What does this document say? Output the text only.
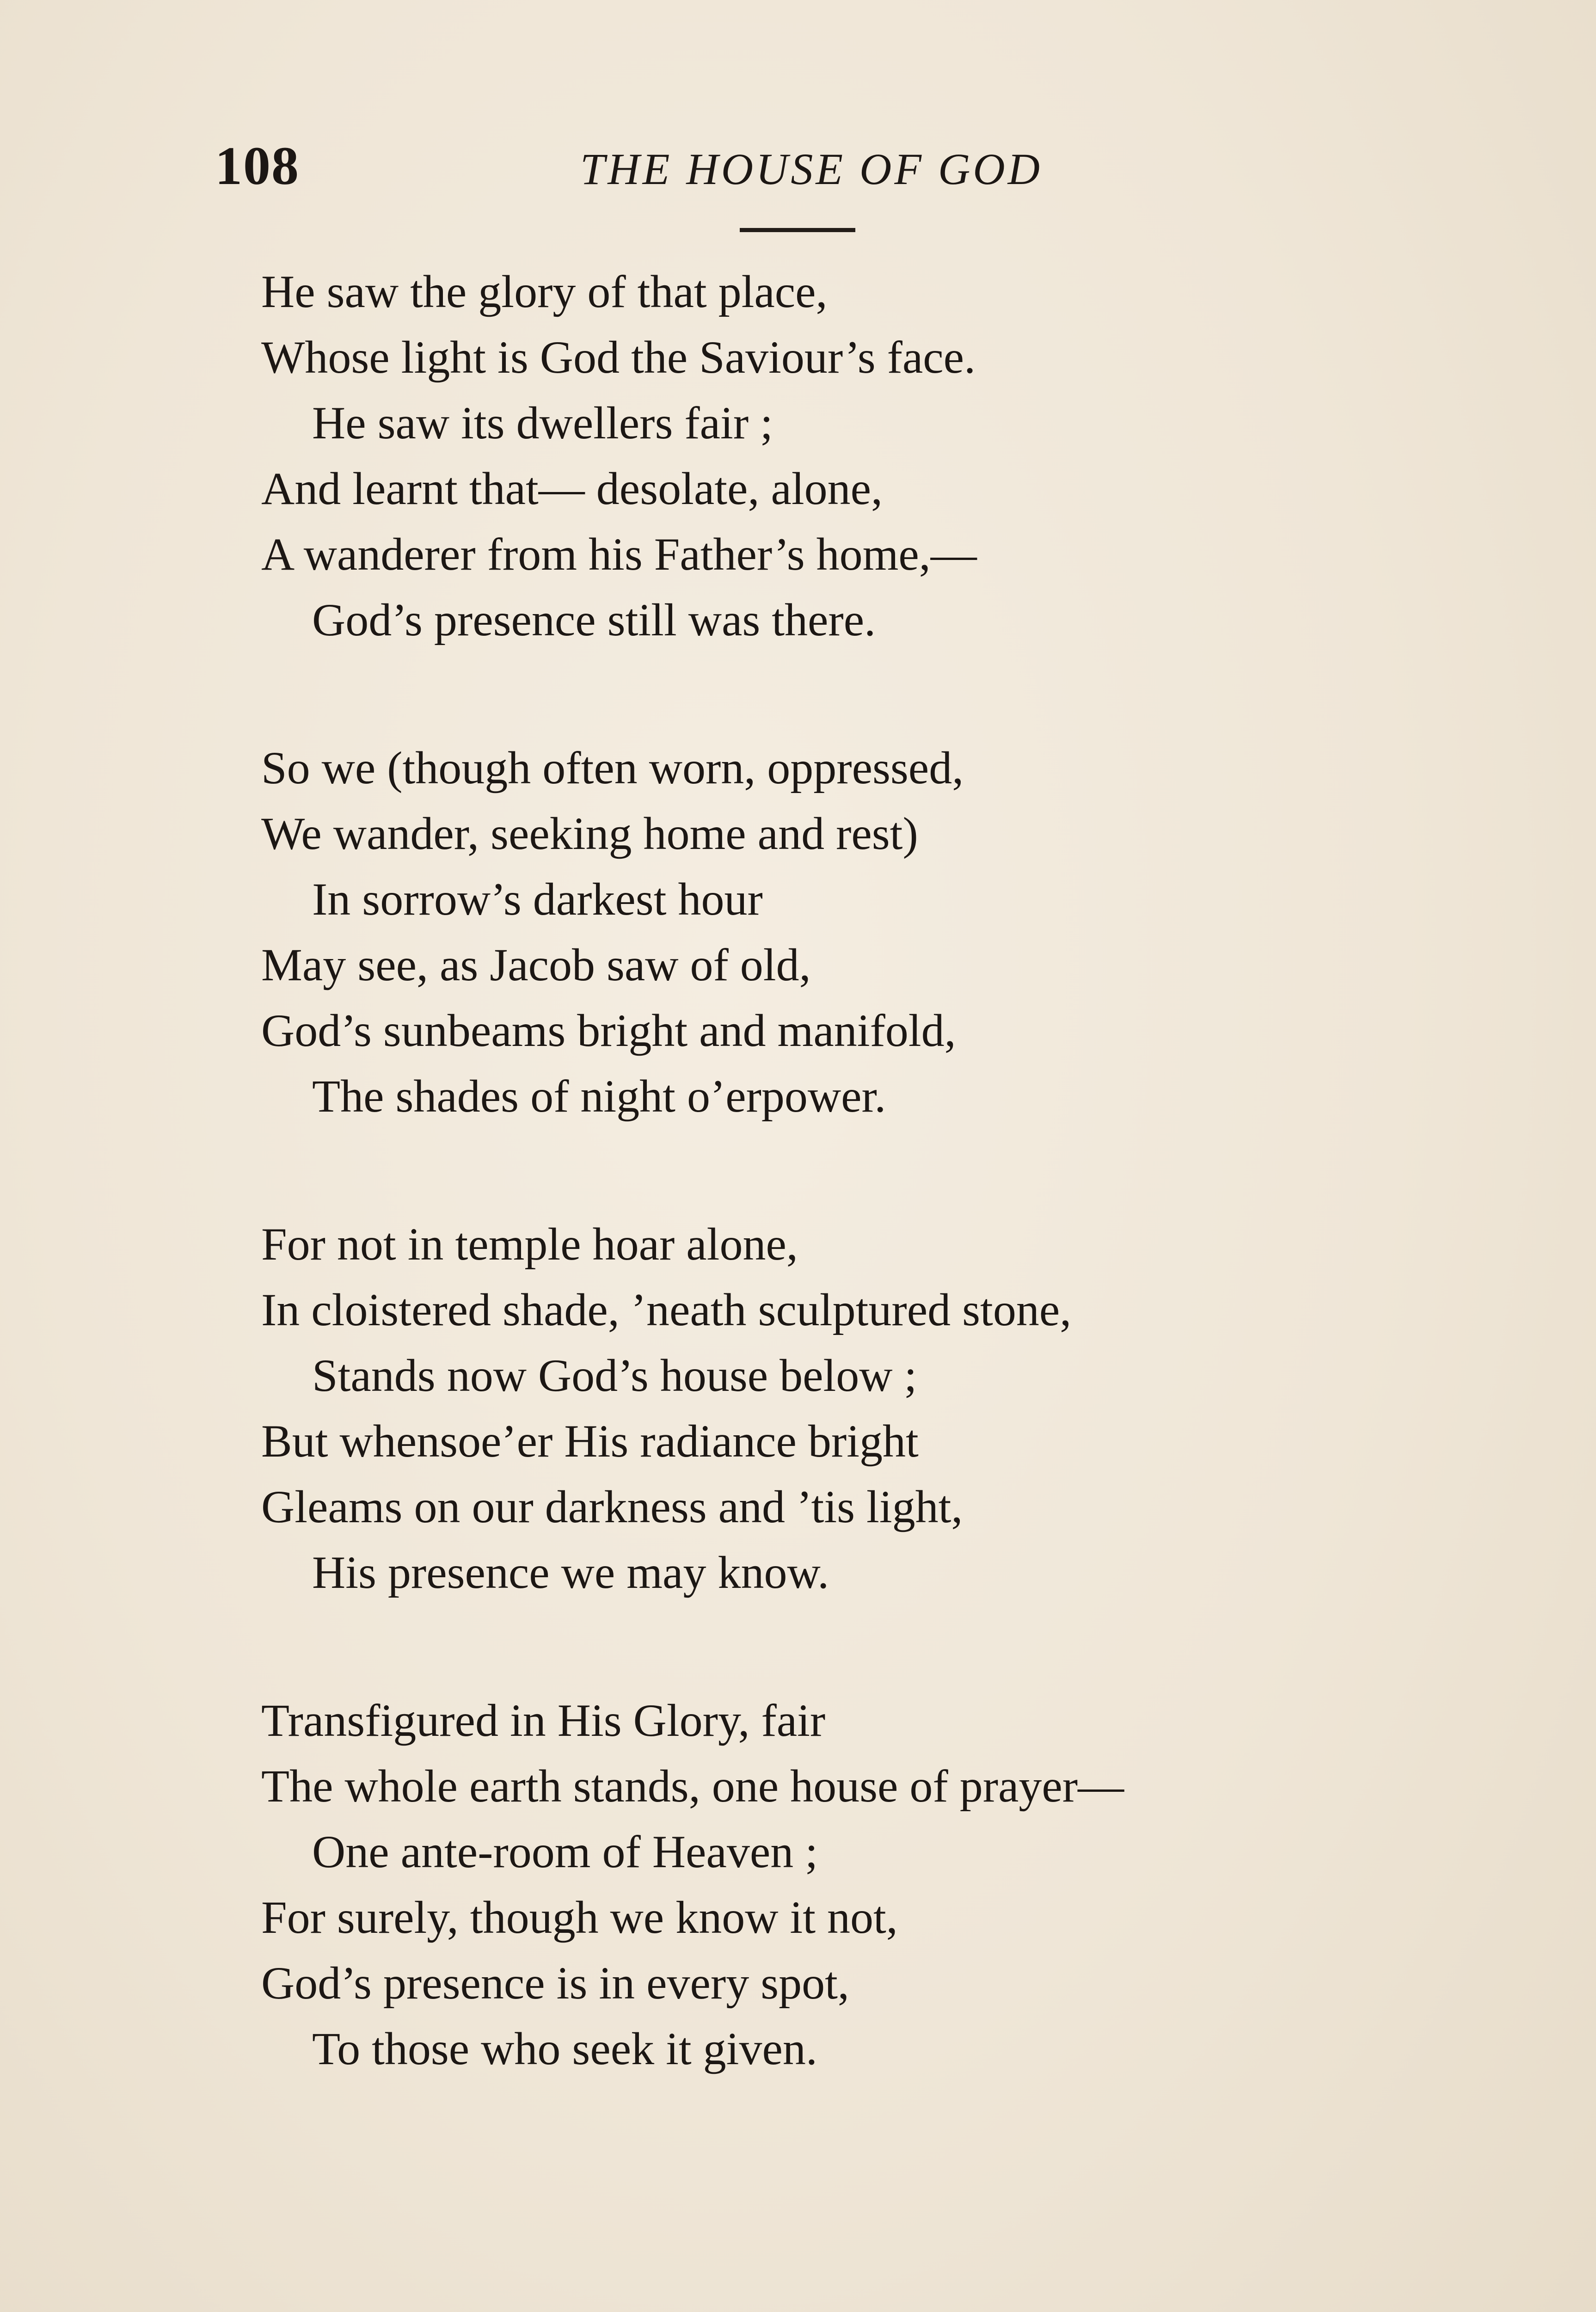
108	THE HOUSE OF GOD
He saw the glory of that place,
Whose light is God the Saviour’s face.
He saw its dwellers fair ;
And learnt that— desolate, alone,
A wanderer from his Father’s home,—
God’s presence still was there.
So we (though often worn, oppressed,
We wander, seeking home and rest)
In sorrow’s darkest hour
May see, as Jacob saw of old,
God’s sunbeams bright and manifold,
The shades of night o’erpower.
For not in temple hoar alone,
In cloistered shade, ’neath sculptured stone,
Stands now God’s house below ;
But whensoe’er His radiance bright
Gleams on our darkness and ’tis light,
His presence we may know.
Transfigured in His Glory, fair
The whole earth stands, one house of prayer—
One ante-room of Heaven ;
For surely, though we know it not,
God’s presence is in every spot,
To those who seek it given.
